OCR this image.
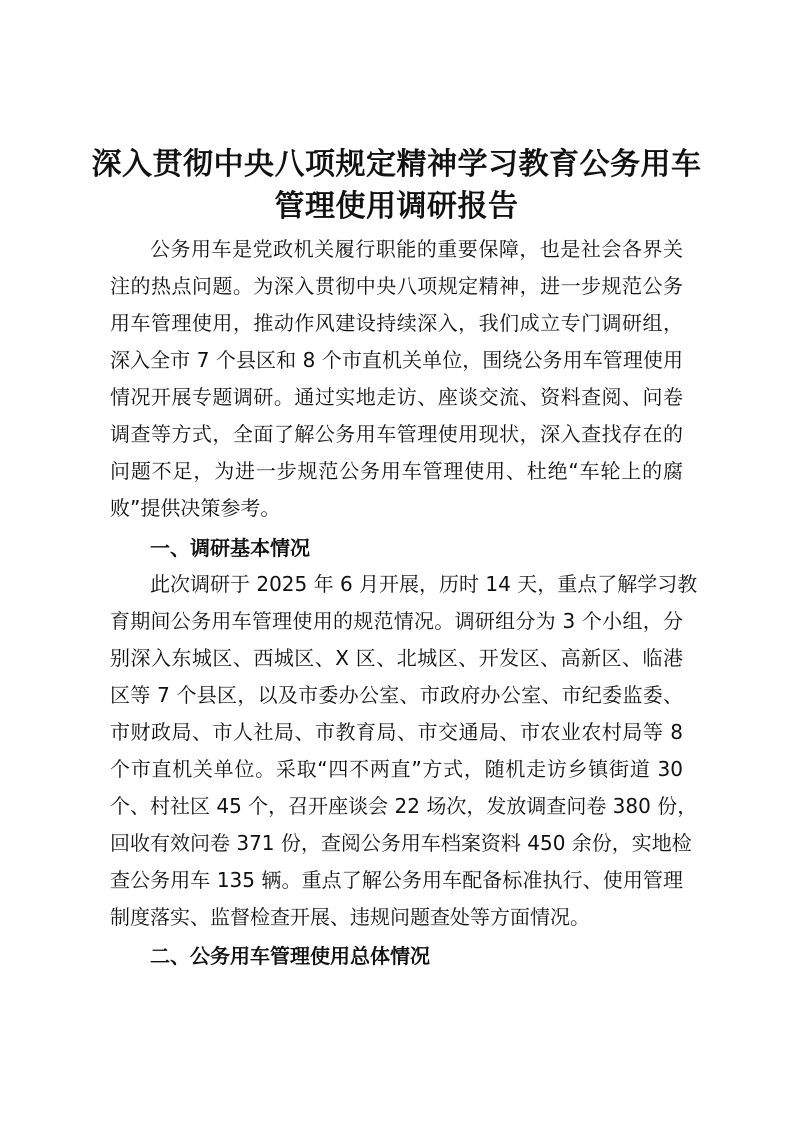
深入贯彻中央八项规定精神学习教育公务用车
管理使用调研报告
公务用车是党政机关履行职能的重要保障，也是社会各界关
注的热点问题。为深入贯彻中央八项规定精神，进一步规范公务
用车管理使用，推动作风建设持续深入，我们成立专门调研组，
深入全市 7 个县区和 8 个市直机关单位，围绕公务用车管理使用
情况开展专题调研。通过实地走访、座谈交流、资料查阅、问卷
调查等方式，全面了解公务用车管理使用现状，深入查找存在的
问题不足，为进一步规范公务用车管理使用、杜绝“车轮上的腐
败”提供决策参考。
一、调研基本情况
此次调研于 2025 年 6 月开展，历时 14 天，重点了解学习教
育期间公务用车管理使用的规范情况。调研组分为 3 个小组，分
别深入东城区、西城区、X 区、北城区、开发区、高新区、临港
区等 7 个县区，以及市委办公室、市政府办公室、市纪委监委、
市财政局、市人社局、市教育局、市交通局、市农业农村局等 8
个市直机关单位。采取“四不两直”方式，随机走访乡镇街道 30
个、村社区 45 个，召开座谈会 22 场次，发放调查问卷 380 份，
回收有效问卷 371 份，查阅公务用车档案资料 450 余份，实地检
查公务用车 135 辆。重点了解公务用车配备标准执行、使用管理
制度落实、监督检查开展、违规问题查处等方面情况。
二、公务用车管理使用总体情况
